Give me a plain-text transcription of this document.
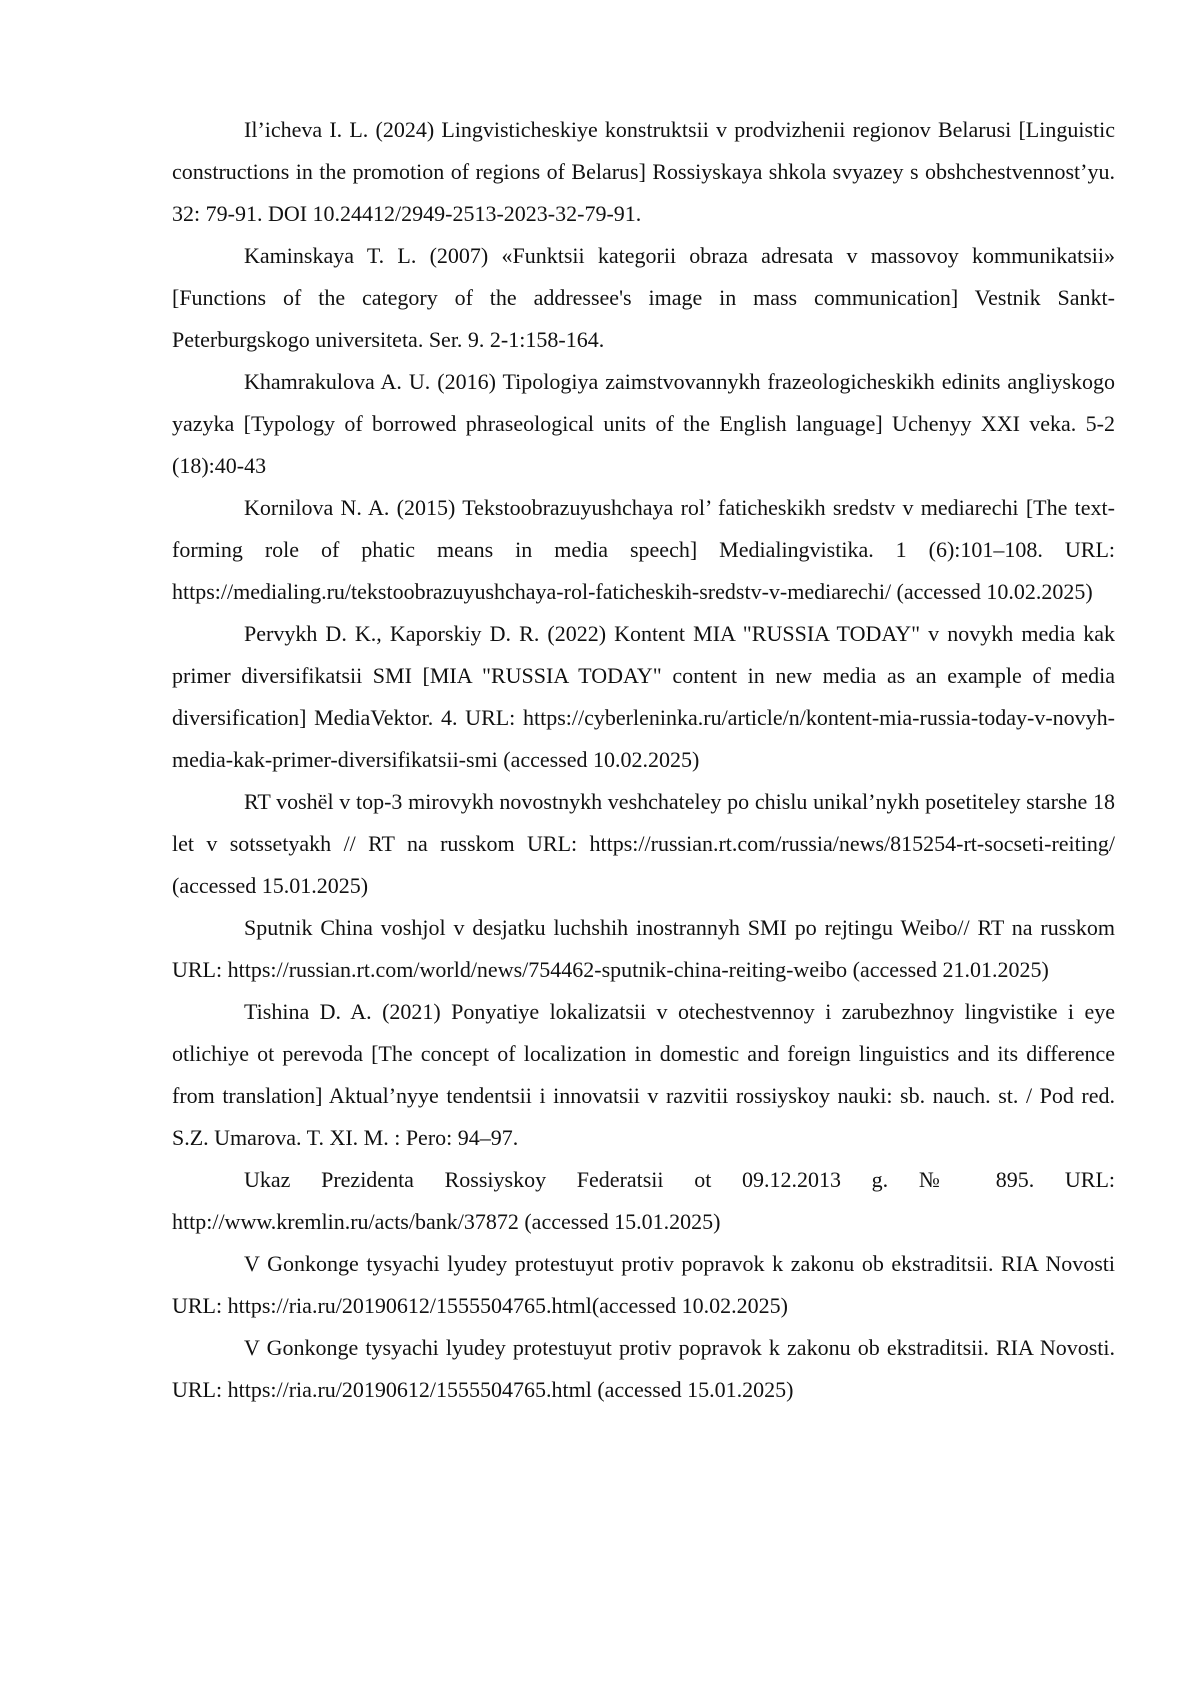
Il’icheva I. L. (2024) Lingvisticheskiye konstruktsii v prodvizhenii regionov Belarusi [Linguistic constructions in the promotion of regions of Belarus] Rossiyskaya shkola svyazey s obshchestvennost’yu. 32: 79-91. DOI 10.24412/2949-2513-2023-32-79-91.

Kaminskaya T. L. (2007) «Funktsii kategorii obraza adresata v massovoy kommunikatsii» [Functions of the category of the addressee's image in mass communication] Vestnik Sankt-Peterburgskogo universiteta. Ser. 9. 2-1:158-164.

Khamrakulova A. U. (2016) Tipologiya zaimstvovannykh frazeologicheskikh edinits angliyskogo yazyka [Typology of borrowed phraseological units of the English language] Uchenyy XXI veka. 5-2 (18):40-43

Kornilova N. A. (2015) Tekstoobrazuyushchaya rol’ faticheskikh sredstv v mediarechi [The text-forming role of phatic means in media speech] Medialingvistika. 1 (6):101–108. URL: https://medialing.ru/tekstoobrazuyushchaya-rol-faticheskih-sredstv-v-mediarechi/ (accessed 10.02.2025)

Pervykh D. K., Kaporskiy D. R. (2022) Kontent MIA "RUSSIA TODAY" v novykh media kak primer diversifikatsii SMI [MIA "RUSSIA TODAY" content in new media as an example of media diversification] MediaVektor. 4. URL: https://cyberleninka.ru/article/n/kontent-mia-russia-today-v-novyh-media-kak-primer-diversifikatsii-smi (accessed 10.02.2025)

RT voshël v top-3 mirovykh novostnykh veshchateley po chislu unikal’nykh posetiteley starshe 18 let v sotssetyakh // RT na russkom URL: https://russian.rt.com/russia/news/815254-rt-socseti-reiting/ (accessed 15.01.2025)

Sputnik China voshjol v desjatku luchshih inostrannyh SMI po rejtingu Weibo// RT na russkom URL: https://russian.rt.com/world/news/754462-sputnik-china-reiting-weibo (accessed 21.01.2025)

Tishina D. A. (2021) Ponyatiye lokalizatsii v otechestvennoy i zarubezhnoy lingvistike i eye otlichiye ot perevoda [The concept of localization in domestic and foreign linguistics and its difference from translation] Aktual’nyye tendentsii i innovatsii v razvitii rossiyskoy nauki: sb. nauch. st. / Pod red. S.Z. Umarova. T. XI. M. : Pero: 94–97.

Ukaz Prezidenta Rossiyskoy Federatsii ot 09.12.2013 g. № 895. URL: http://www.kremlin.ru/acts/bank/37872 (accessed 15.01.2025)

V Gonkonge tysyachi lyudey protestuyut protiv popravok k zakonu ob ekstraditsii. RIA Novosti URL: https://ria.ru/20190612/1555504765.html(accessed 10.02.2025)

V Gonkonge tysyachi lyudey protestuyut protiv popravok k zakonu ob ekstraditsii. RIA Novosti. URL: https://ria.ru/20190612/1555504765.html (accessed 15.01.2025)
